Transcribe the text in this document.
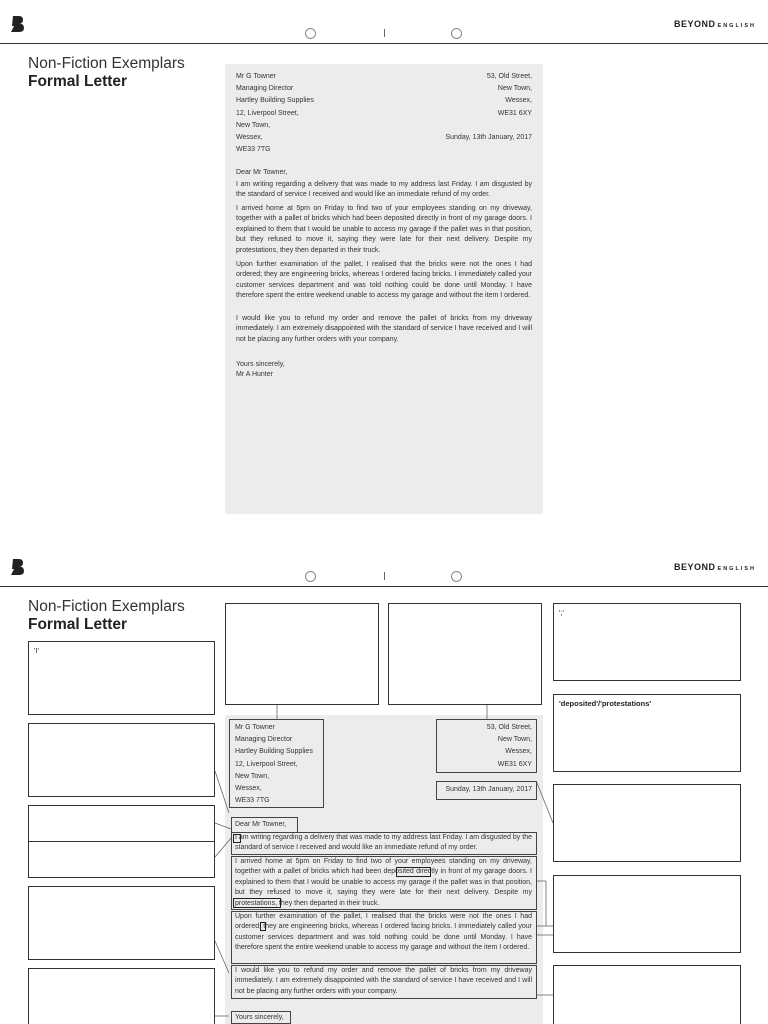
BEYOND ENGLISH
Non-Fiction Exemplars
Formal Letter	Mr G Towner
Managing Director
Hartley Building Supplies
12, Liverpool Street,
New Town,
Wessex,
WE33 7TG
53, Old Street,
New Town,
Wessex,
WE31 6XY
Sunday, 13th January, 2017
Dear Mr Towner,
I am writing regarding a delivery that was made to my address last Friday. I am disgusted by the standard of service I received and would like an immediate refund of my order.
I arrived home at 5pm on Friday to find two of your employees standing on my driveway, together with a pallet of bricks which had been deposited directly in front of my garage doors. I explained to them that I would be unable to access my garage if the pallet was in that position, but they refused to move it, saying they were late for their next delivery. Despite my protestations, they then departed in their truck.
Upon further examination of the pallet, I realised that the bricks were not the ones I had ordered; they are engineering bricks, whereas I ordered facing bricks. I immediately called your customer services department and was told nothing could be done until Monday. I have therefore spent the entire weekend unable to access my garage and without the item I ordered.
I would like you to refund my order and remove the pallet of bricks from my driveway immediately. I am extremely disappointed with the standard of service I have received and I will not be placing any further orders with your company.
Yours sincerely,
Mr A Hunter
BEYOND ENGLISH
Non-Fiction Exemplars
Formal Letter
'I'
';'
'deposited'/'protestations'
Mr G Towner
Managing Director
Hartley Building Supplies
12, Liverpool Street,
New Town,
Wessex,
WE33 7TG
53, Old Street,
New Town,
Wessex,
WE31 6XY
Sunday, 13th January, 2017
Dear Mr Towner,
I am writing regarding a delivery that was made to my address last Friday. I am disgusted by the standard of service I received and would like an immediate refund of my order.
I arrived home at 5pm on Friday to find two of your employees standing on my driveway, together with a pallet of bricks which had been deposited directly in front of my garage doors. I explained to them that I would be unable to access my garage if the pallet was in that position, but they refused to move it, saying they were late for their next delivery. Despite my protestations, they then departed in their truck.
Upon further examination of the pallet, I realised that the bricks were not the ones I had ordered; they are engineering bricks, whereas I ordered facing bricks. I immediately called your customer services department and was told nothing could be done until Monday. I have therefore spent the entire weekend unable to access my garage and without the item I ordered.
I would like you to refund my order and remove the pallet of bricks from my driveway immediately. I am extremely disappointed with the standard of service I have received and I will not be placing any further orders with your company.
Yours sincerely,
